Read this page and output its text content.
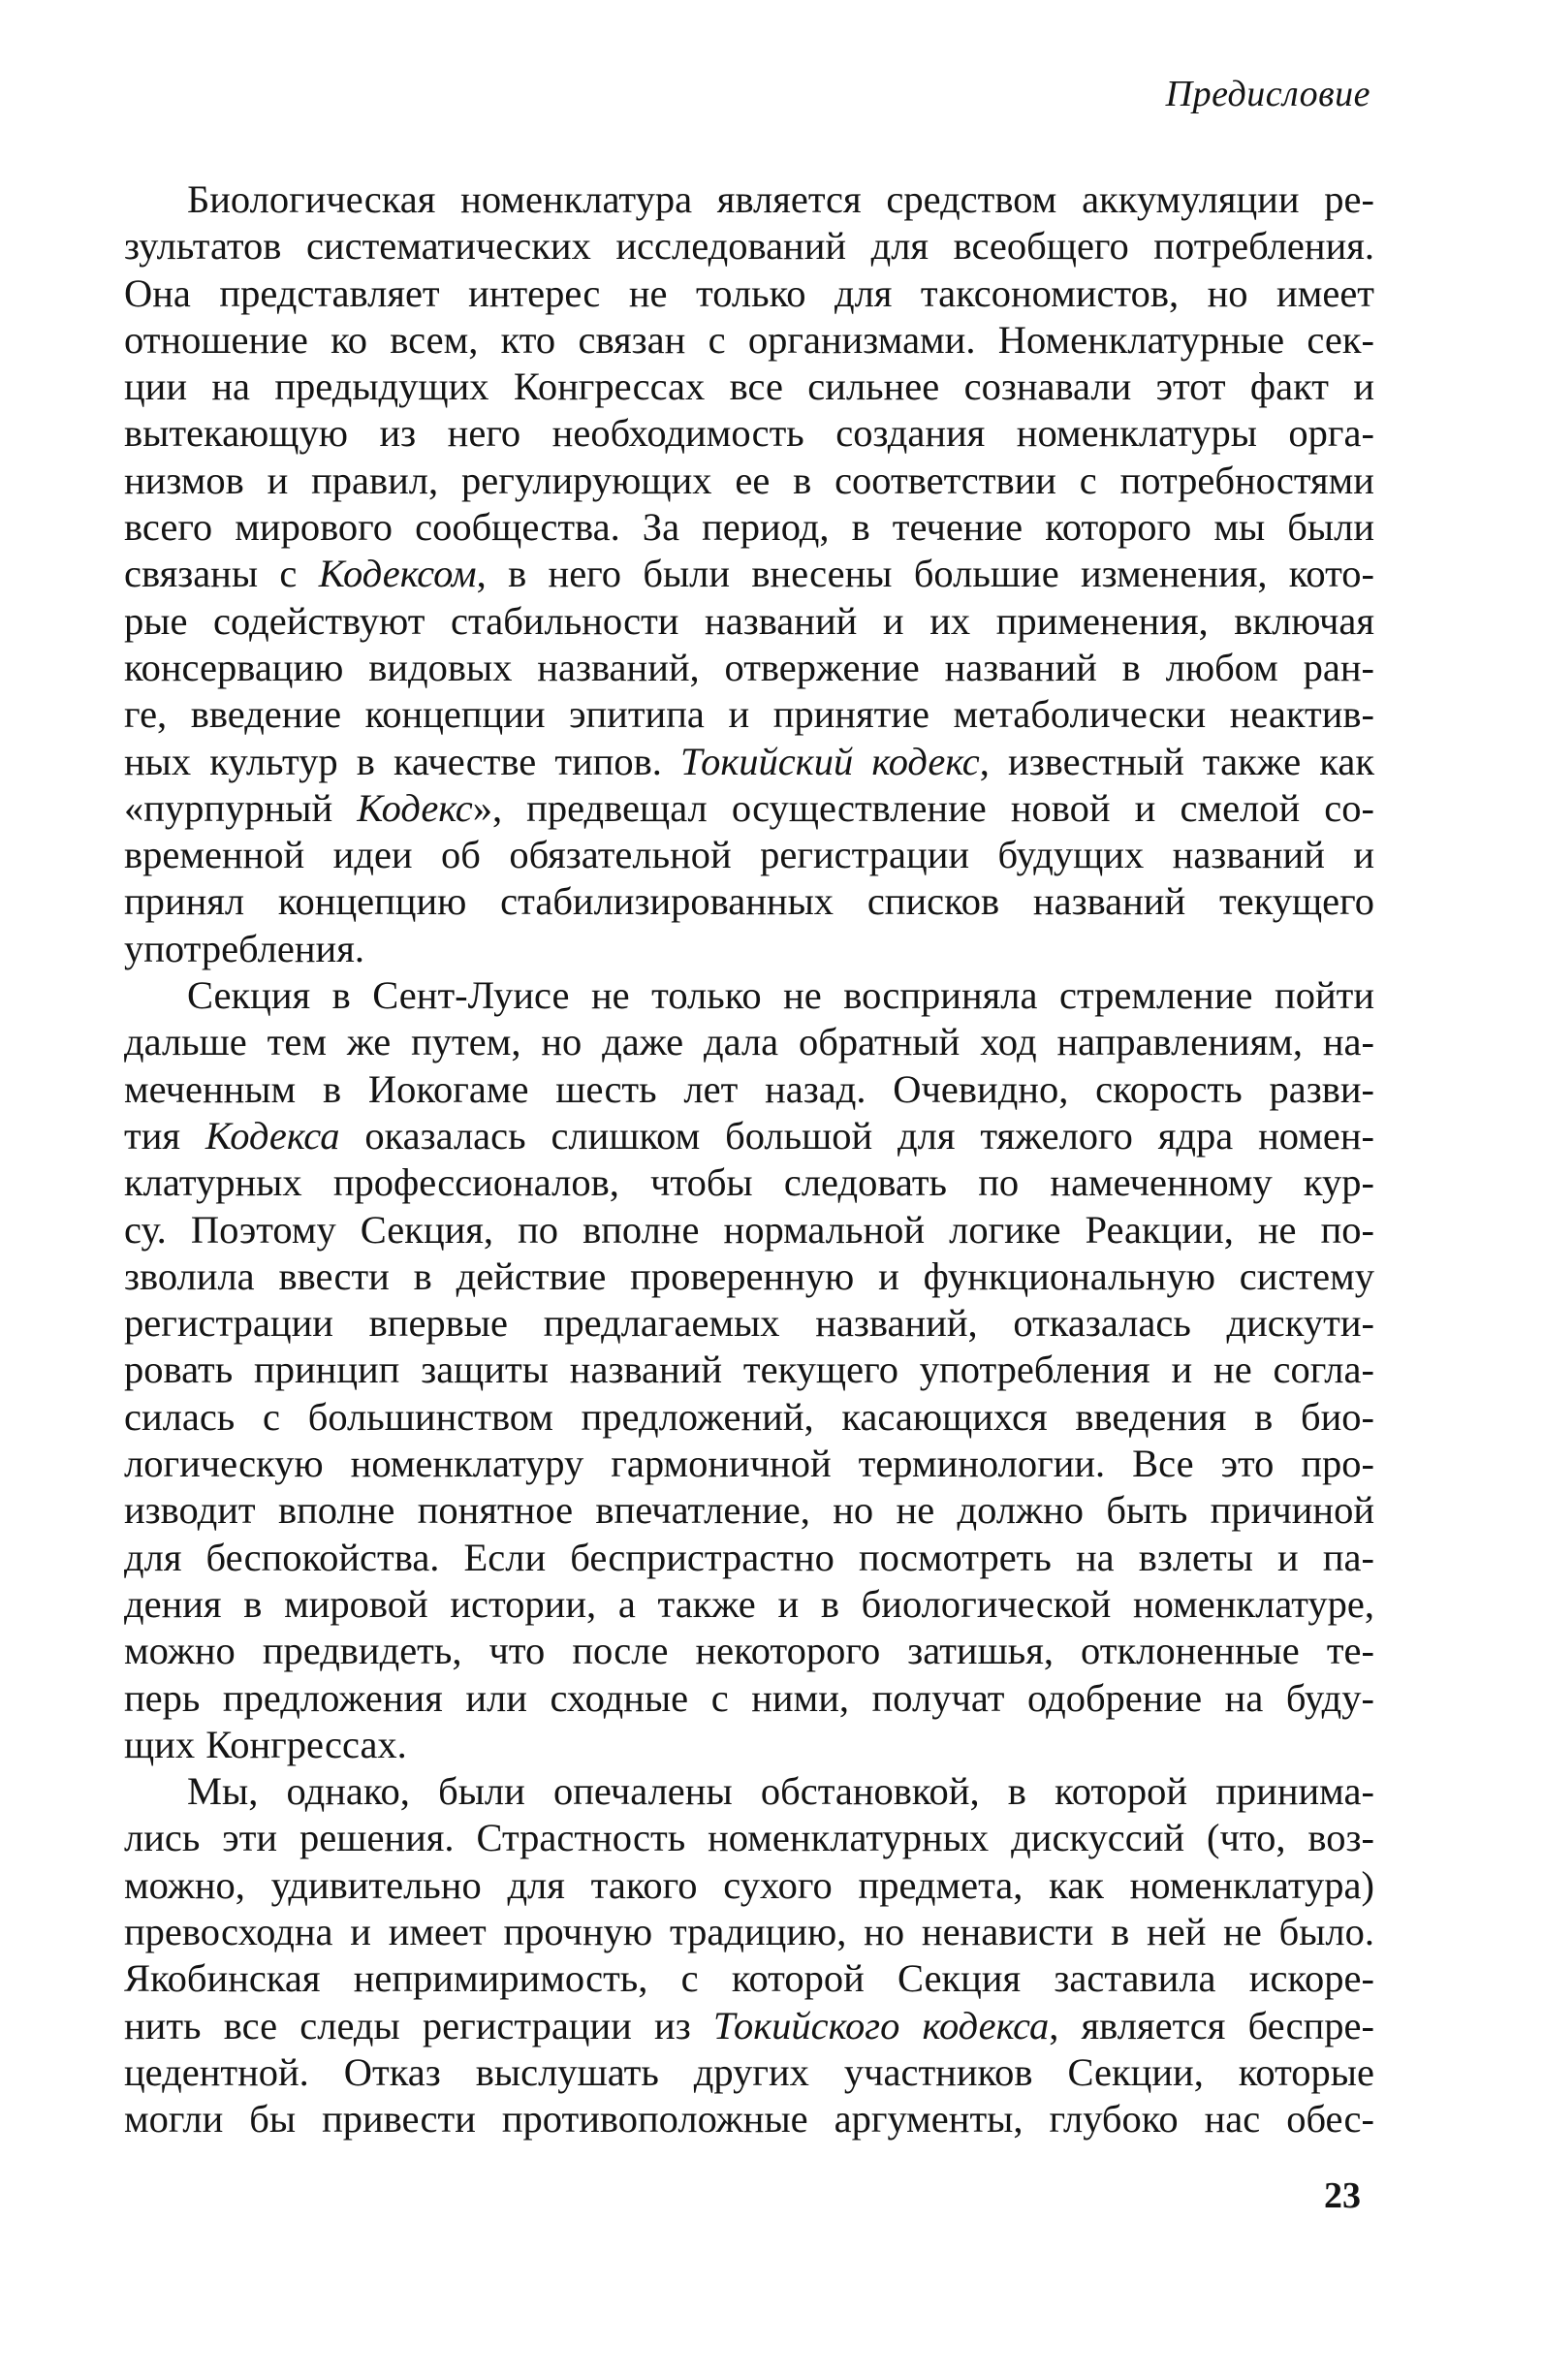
Предисловие
Биологическая номенклатура является средством аккумуляции ре-
зультатов систематических исследований для всеобщего потребления.
Она представляет интерес не только для таксономистов, но имеет
отношение ко всем, кто связан с организмами. Номенклатурные сек-
ции на предыдущих Конгрессах все сильнее сознавали этот факт и
вытекающую из него необходимость создания номенклатуры орга-
низмов и правил, регулирующих ее в соответствии с потребностями
всего мирового сообщества. За период, в течение которого мы были
связаны с Кодексом, в него были внесены большие изменения, кото-
рые содействуют стабильности названий и их применения, включая
консервацию видовых названий, отвержение названий в любом ран-
ге, введение концепции эпитипа и принятие метаболически неактив-
ных культур в качестве типов. Токийский кодекс, известный также как
«пурпурный Кодекс», предвещал осуществление новой и смелой со-
временной идеи об обязательной регистрации будущих названий и
принял концепцию стабилизированных списков названий текущего
употребления.
Секция в Сент-Луисе не только не восприняла стремление пойти
дальше тем же путем, но даже дала обратный ход направлениям, на-
меченным в Иокогаме шесть лет назад. Очевидно, скорость разви-
тия Кодекса оказалась слишком большой для тяжелого ядра номен-
клатурных профессионалов, чтобы следовать по намеченному кур-
су. Поэтому Секция, по вполне нормальной логике Реакции, не по-
зволила ввести в действие проверенную и функциональную систему
регистрации впервые предлагаемых названий, отказалась дискути-
ровать принцип защиты названий текущего употребления и не согла-
силась с большинством предложений, касающихся введения в био-
логическую номенклатуру гармоничной терминологии. Все это про-
изводит вполне понятное впечатление, но не должно быть причиной
для беспокойства. Если беспристрастно посмотреть на взлеты и па-
дения в мировой истории, а также и в биологической номенклатуре,
можно предвидеть, что после некоторого затишья, отклоненные те-
перь предложения или сходные с ними, получат одобрение на буду-
щих Конгрессах.
Мы, однако, были опечалены обстановкой, в которой принима-
лись эти решения. Страстность номенклатурных дискуссий (что, воз-
можно, удивительно для такого сухого предмета, как номенклатура)
превосходна и имеет прочную традицию, но ненависти в ней не было.
Якобинская непримиримость, с которой Секция заставила искоре-
нить все следы регистрации из Токийского кодекса, является беспре-
цедентной. Отказ выслушать других участников Секции, которые
могли бы привести противоположные аргументы, глубоко нас обес-
23
